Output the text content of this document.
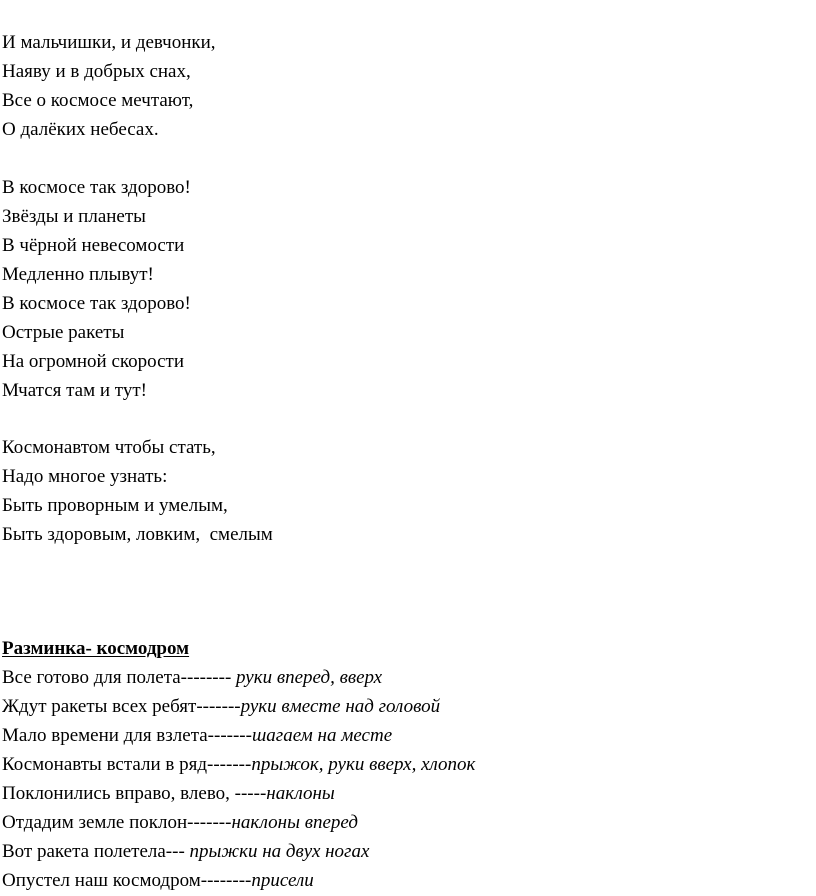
И мальчишки, и девчонки,
Наяву и в добрых снах,
Все о космосе мечтают,
О далёких небесах.
В космосе так здорово!
Звёзды и планеты
В чёрной невесомости
Медленно плывут!
В космосе так здорово!
Острые ракеты
На огромной скорости
Мчатся там и тут!
Космонавтом чтобы стать,
Надо многое узнать:
Быть проворным и умелым,
Быть здоровым, ловким,  смелым
Разминка- космодром
Все готово для полета-------- руки вперед, вверх
Ждут ракеты всех ребят-------руки вместе над головой
Мало времени для взлета-------шагаем на месте
Космонавты встали в ряд-------прыжок, руки вверх, хлопок
Поклонились вправо, влево, -----наклоны
Отдадим земле поклон-------наклоны вперед
Вот ракета полетела--- прыжки на двух ногах
Опустел наш космодром--------присели
